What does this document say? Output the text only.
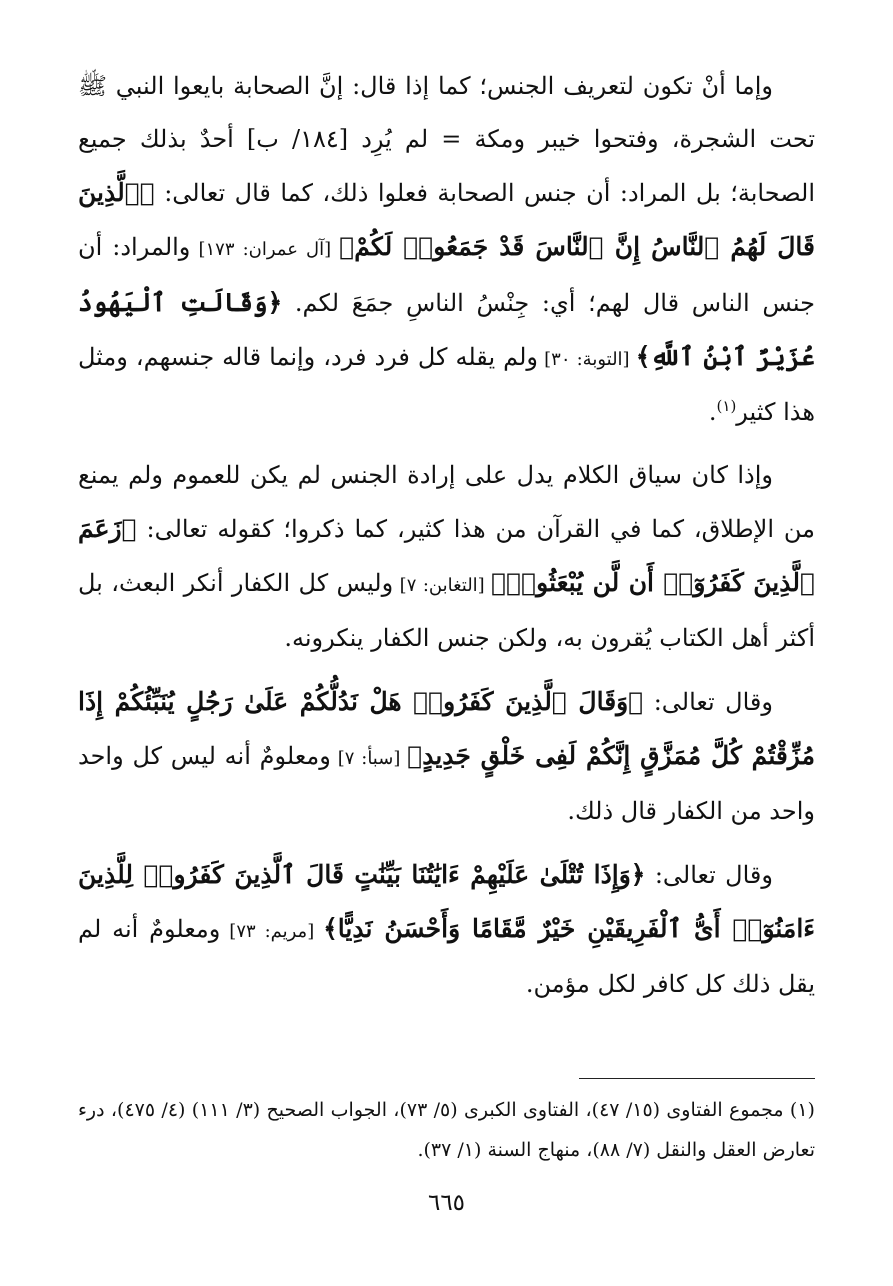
وإما أنْ تكون لتعريف الجنس؛ كما إذا قال: إنَّ الصحابة بايعوا النبي ﷺ تحت الشجرة، وفتحوا خيبر ومكة = لم يُرِد [١٨٤/ ب] أحدٌ بذلك جميع الصحابة؛ بل المراد: أن جنس الصحابة فعلوا ذلك، كما قال تعالى: ﴿ٱلَّذِينَ قَالَ لَهُمُ ٱلنَّاسُ إِنَّ ٱلنَّاسَ قَدْ جَمَعُوا۟ لَكُمْ﴾ [آل عمران: ١٧٣] والمراد: أن جنس الناس قال لهم؛ أي: جِنْسُ الناسِ جمَعَ لكم. ﴿وَقَالَتِ ٱلْيَهُودُ عُزَيْرٌ ٱبْنُ ٱللَّهِ﴾ [التوبة: ٣٠] ولم يقله كل فرد فرد، وإنما قاله جنسهم، ومثل هذا كثير$^{(١)}$.

وإذا كان سياق الكلام يدل على إرادة الجنس لم يكن للعموم ولم يمنع من الإطلاق، كما في القرآن من هذا كثير، كما ذكروا؛ كقوله تعالى: ﴿زَعَمَ ٱلَّذِينَ كَفَرُوٓا۟ أَن لَّن يُبْعَثُوا۟﴾ [التغابن: ٧] وليس كل الكفار أنكر البعث، بل أكثر أهل الكتاب يُقرون به، ولكن جنس الكفار ينكرونه.

وقال تعالى: ﴿وَقَالَ ٱلَّذِينَ كَفَرُوا۟ هَلْ نَدُلُّكُمْ عَلَىٰ رَجُلٍ يُنَبِّئُكُمْ إِذَا مُزِّقْتُمْ كُلَّ مُمَزَّقٍ إِنَّكُمْ لَفِى خَلْقٍ جَدِيدٍ﴾ [سبأ: ٧] ومعلومٌ أنه ليس كل واحد واحد من الكفار قال ذلك.

وقال تعالى: ﴿وَإِذَا تُتْلَىٰ عَلَيْهِمْ ءَايَٰتُنَا بَيِّنَٰتٍ قَالَ ٱلَّذِينَ كَفَرُوا۟ لِلَّذِينَ ءَامَنُوٓا۟ أَىُّ ٱلْفَرِيقَيْنِ خَيْرٌ مَّقَامًا وَأَحْسَنُ نَدِيًّا﴾ [مريم: ٧٣] ومعلومٌ أنه لم يقل ذلك كل كافر لكل مؤمن.

(١) مجموع الفتاوى (١٥/ ٤٧)، الفتاوى الكبرى (٥/ ٧٣)، الجواب الصحيح (٣/ ١١١) (٤/ ٤٧٥)، درء تعارض العقل والنقل (٧/ ٨٨)، منهاج السنة (١/ ٣٧).
٦٦٥
